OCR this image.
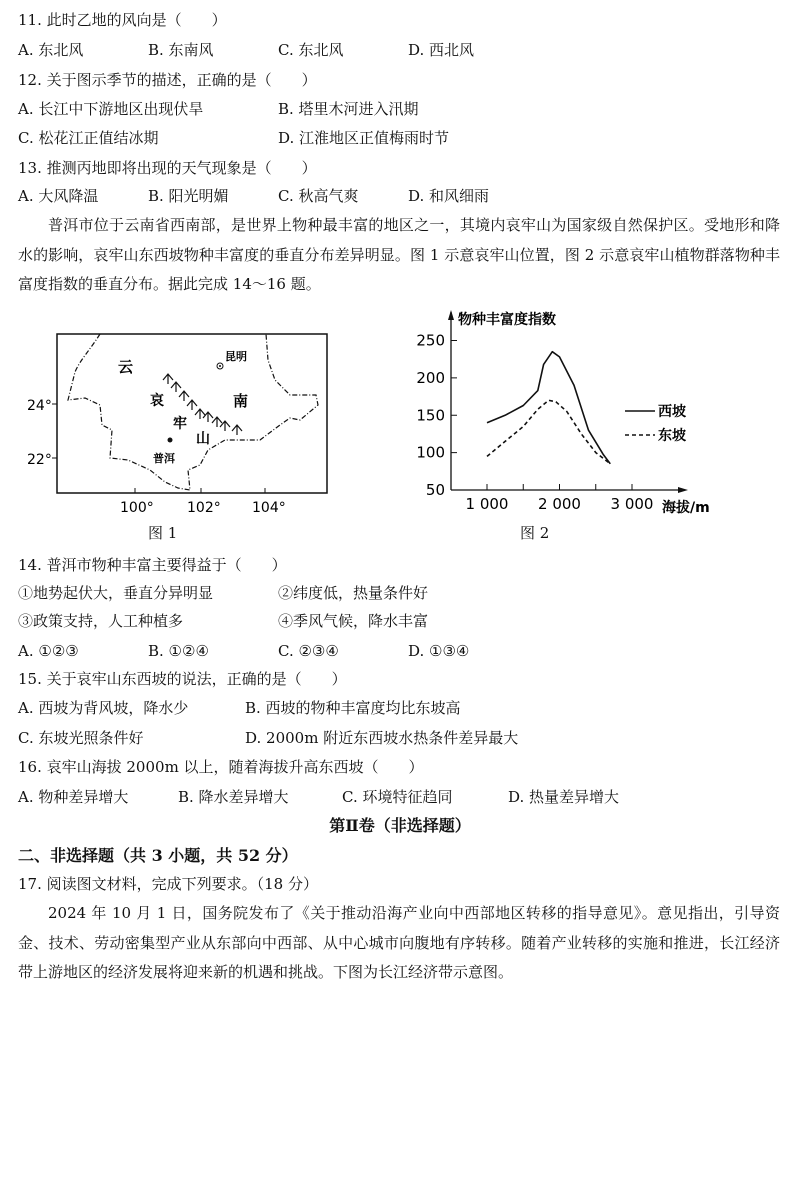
11. 此时乙地的风向是（　　）
A. 东北风	B. 东南风	C. 东北风	D. 西北风
12. 关于图示季节的描述，正确的是（　　）
A. 长江中下游地区出现伏旱	B. 塔里木河进入汛期
C. 松花江正值结冰期	D. 江淮地区正值梅雨时节
13. 推测丙地即将出现的天气现象是（　　）
A. 大风降温	B. 阳光明媚	C. 秋高气爽	D. 和风细雨
普洱市位于云南省西南部，是世界上物种最丰富的地区之一，其境内哀牢山为国家级自然保护区。受地形和降水的影响，哀牢山东西坡物种丰富度的垂直分布差异明显。图 1 示意哀牢山位置，图 2 示意哀牢山植物群落物种丰富度指数的垂直分布。据此完成 14～16 题。
云
南
哀
牢
山
昆明
普洱
24°
22°
100° 102° 104°
图 1
物种丰富度指数
海拔/m
50
100
150
200
250
1 000 2 000 3 000
西坡
东坡
图 2
14. 普洱市物种丰富主要得益于（　　）
①地势起伏大，垂直分异明显	②纬度低，热量条件好
③政策支持，人工种植多	④季风气候，降水丰富
A. ①②③	B. ①②④	C. ②③④	D. ①③④
15. 关于哀牢山东西坡的说法，正确的是（　　）
A. 西坡为背风坡，降水少	B. 西坡的物种丰富度均比东坡高
C. 东坡光照条件好	D. 2000m 附近东西坡水热条件差异最大
16. 哀牢山海拔 2000m 以上，随着海拔升高东西坡（　　）
A. 物种差异增大	B. 降水差异增大	C. 环境特征趋同	D. 热量差异增大
第Ⅱ卷（非选择题）
二、非选择题（共 3 小题，共 52 分）
17. 阅读图文材料，完成下列要求。（18 分）
2024 年 10 月 1 日，国务院发布了《关于推动沿海产业向中西部地区转移的指导意见》。意见指出，引导资金、技术、劳动密集型产业从东部向中西部、从中心城市向腹地有序转移。随着产业转移的实施和推进，长江经济带上游地区的经济发展将迎来新的机遇和挑战。下图为长江经济带示意图。
